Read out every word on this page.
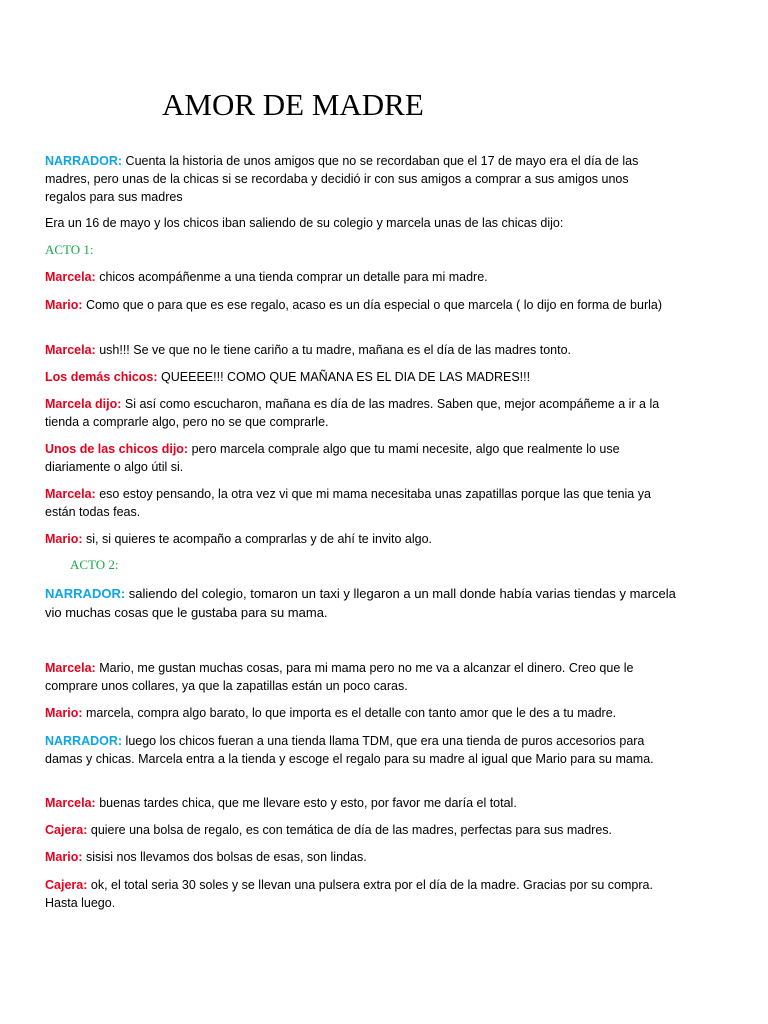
AMOR DE MADRE
NARRADOR: Cuenta la historia de unos amigos que no se recordaban que el 17 de mayo era el día de las madres, pero unas de la chicas si se recordaba y decidió ir con sus amigos a comprar a sus amigos unos regalos para sus madres
Era un 16 de mayo y los chicos iban saliendo de su colegio y marcela unas de las chicas dijo:
ACTO 1:
Marcela: chicos acompáñenme a una tienda comprar un detalle para mi madre.
Mario: Como que o para que es ese regalo, acaso es un día especial o que marcela ( lo dijo en forma de burla)
Marcela: ush!!! Se ve que no le tiene cariño a tu madre, mañana es el día de las madres tonto.
Los demás chicos: QUEEEE!!! COMO QUE MAÑANA ES EL DIA DE LAS MADRES!!!
Marcela dijo: Si así como escucharon, mañana es día de las madres. Saben que, mejor acompáñeme a ir a la tienda a comprarle algo, pero no se que comprarle.
Unos de las chicos dijo: pero marcela comprale algo que tu mami necesite, algo que realmente lo use diariamente o algo útil si.
Marcela: eso estoy pensando, la otra vez vi que mi mama necesitaba unas zapatillas porque las que tenia ya están todas feas.
Mario: si, si quieres te acompaño a comprarlas y de ahí te invito algo.
ACTO 2:
NARRADOR: saliendo del colegio, tomaron un taxi y llegaron a un mall donde había varias tiendas y marcela vio muchas cosas que le gustaba para su mama.
Marcela: Mario, me gustan muchas cosas, para mi mama pero no me va a alcanzar el dinero. Creo que le comprare unos collares, ya que la zapatillas están un poco caras.
Mario: marcela, compra algo barato, lo que importa es el detalle con tanto amor que le des a tu madre.
NARRADOR: luego los chicos fueran a una tienda llama TDM, que era una tienda de puros accesorios para damas y chicas. Marcela entra a la tienda y escoge el regalo para su madre al igual que Mario para su mama.
Marcela: buenas tardes chica, que me llevare esto y esto, por favor me daría el total.
Cajera: quiere una bolsa de regalo, es con temática de día de las madres, perfectas para sus madres.
Mario: sisisi nos llevamos dos bolsas de esas, son lindas.
Cajera: ok, el total seria 30 soles y se llevan una pulsera extra por el día de la madre. Gracias por su compra. Hasta luego.
